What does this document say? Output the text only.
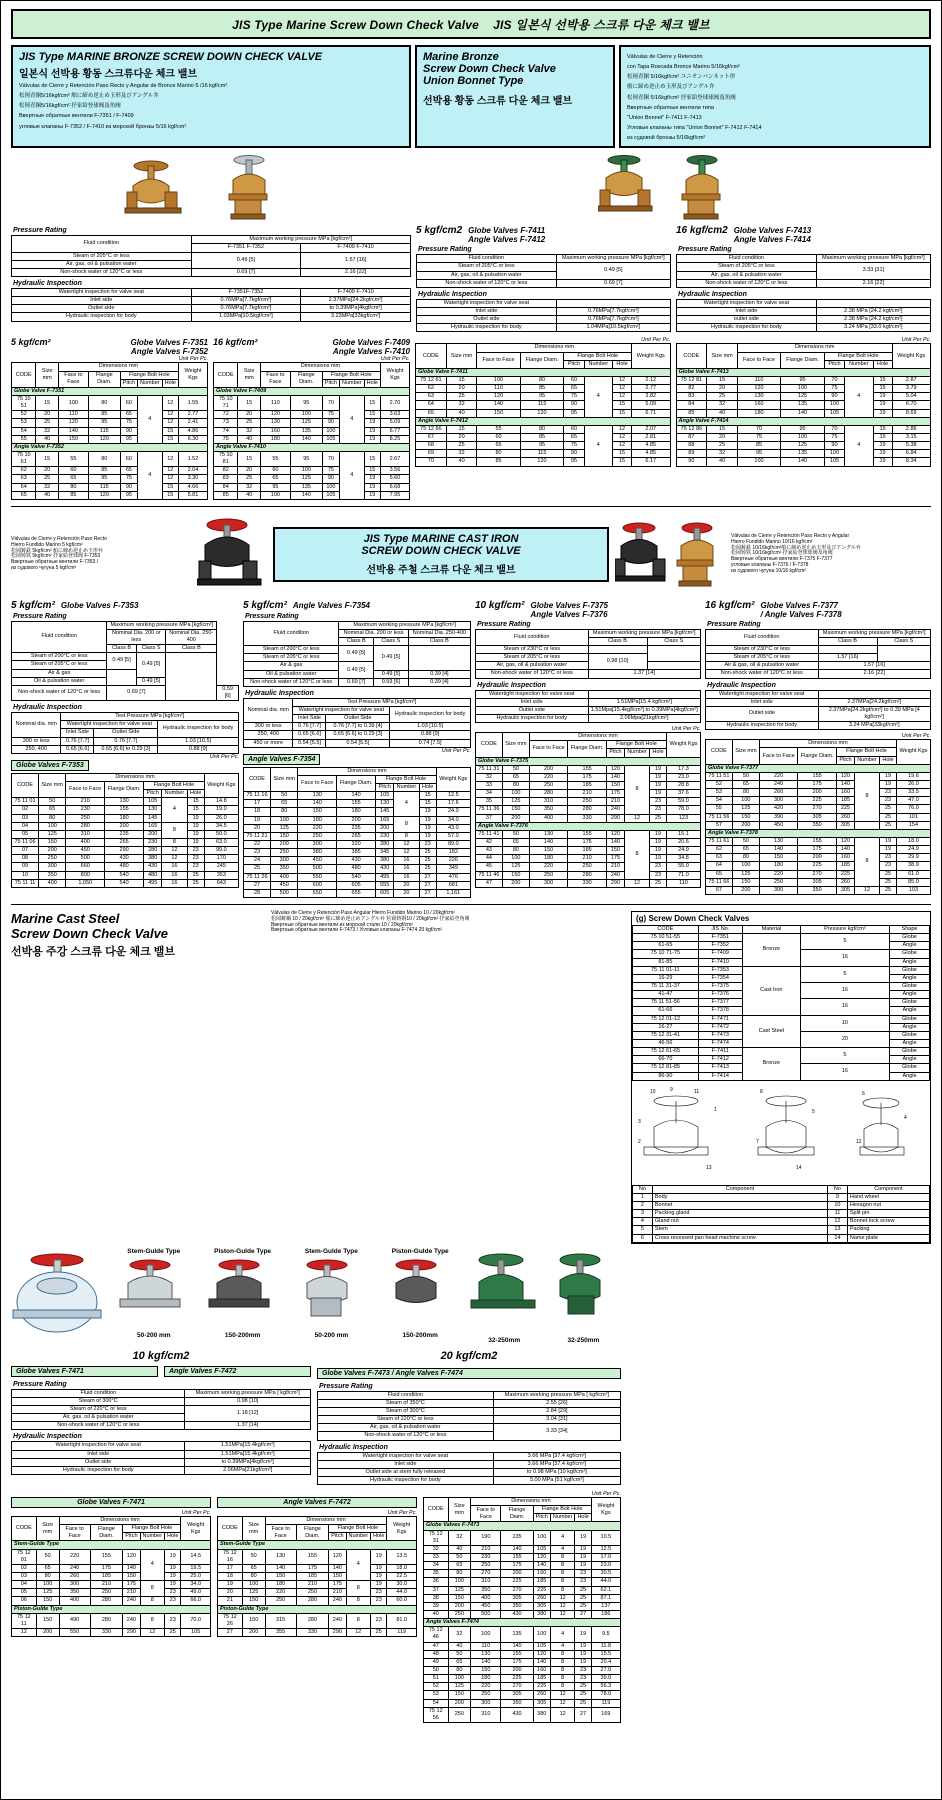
JIS Type Marine Screw Down Check Valve JIS 일본식 선박용 스크류 다운 체크 밸브
JIS Type MARINE BRONZE SCREW DOWN CHECK VALVE
일본식 선박용 황동 스크류다운 체크 밸브
Válvulas de Cierre y Retención Paso Recto y Angular de Bronce Marino 5 /16 kgf/cm²
松岡青銅5/16kgf/cm² 舶に締め逆止め玉形及びアングル弁
松岡青銅5/16kgf/cm² 抒家給登球阀及角阀
Ввертные обратные вентили F-7351 / F-7409
угловые клапаны F-7352 / F-7410 из морской бронзы 5/16 kgf/cm²
Marine Bronze
Screw Down Check Valve
Union Bonnet Type
선박용 황동 스크류 다운 체크 밸브
Válvulas de Cierre y Retención
con Tapa Roscada Bronce Marino 5/16kgf/cm²
松岡青銅 5/16kgf/cm² ユニオンバンネット形
舶に締め逆止め玉形及びアングル弁
松岡青銅 5/16kgf/cm² 抒家給登球球阀及角阀
Ввертные обратные вентили типа
"Union Bonnet" F-7411 F-7413
Угловые клапаны типа "Union Bonnet" F-7412 F-7414
из судовой бронзы 5/16kgf/cm²
Pressure Rating
Fluid condition	Maximum working pressure MPa [kgf/cm²]	
	F-7351 F-7352	F-7409 F-7410
Steam of 205°C or less	0.49 [5]	1.57 [16]
Air, gas, oil & pulsation water		
Non-shock water of 120°C or less	0.69 [7]	2.16 [22]
Hydraulic Inspection
Watertight inspection for valve seat	F-7351F-7352	F-7409 F-7410
Inlet side	0.76MPa[7.7kgf/cm²]	2.37MPa[24.2kgf/cm²]
Outlet side	0.76MPa[7.7kgf/cm²]	to 0.39MPa[4kgf/cm²]
Hydraulic inspection for body	1.03MPa[10.5kgf/cm²]	3.23MPa[33kgf/cm²]
5 kgf/cm2 Globe Valves F-7411
Angle Valves F-7412
Pressure Rating
Fluid condition	Maximum working pressure MPa [kgf/cm²]
Steam of 205°C or less	0.49 [5]
Air, gas, oil & pulsation water	
Non-shock water of 120°C or less	0.69 [7]
Hydraulic Inspection
Watertight inspection for valve seat	
Inlet side	0.76MPa[7.7kgf/cm²]
Outlet side	0.76MPa[7.7kgf/cm²]
Hydraulic inspection for body	1.04MPa[10.5kgf/cm²]
16 kgf/cm2 Globe Valves F-7413
Angle Valves F-7414
Pressure Rating
Fluid condition	Maximum working pressure MPa [kgf/cm²]
Steam of 205°C or less	3.33 [31]
Air, gas, oil & pulsation water	
Non-shock water of 120°C or less	2.16 [22]
Hydraulic Inspection
Watertight inspection for valve seat	
Inlet side	2.38 MPa [24.2 kgf/cm²]
outlet side	2.38 MPa [24.2 kgf/cm²]
Hydraulic inspection for body	3.24 MPa [33.0 kgf/cm²]
5 kgf/cm²	Globe Valves F-7351
Angle Valves F-7352
Unit Per Pc.
CODE	Size mm	Dimensions mm					Weight Kgs
		Face to Face	Flange Diam.	Flange Bolt Hole			
				Pitch	Number	Hole	
Globe Valve F-7351							
75 10 51	15	100	80	60	4	12	1.55
52	20	110	85	65		12	2.77
53	25	120	95	75		12	2.41
54	32	140	115	90		15	4.86
55	40	150	120	95		15	6.30
Angle Valve F-7352							
75 10 61	15	55	80	60	4	12	1.52
62	20	60	85	65		12	2.04
63	25	65	95	75		12	3.30
64	32	80	115	90		15	4.66
65	40	85	120	95		15	5.81
16 kgf/cm²	Globe Valves F-7409
Angle Valves F-7410
Unit Per Pc.
CODE	Size mm	Dimensions mm					Weight Kgs
		Face to Face	Flange Diam.	Flange Bolt Hole			
				Pitch	Number	Hole	
Globe Valve F-7409							
75 10 71	15	110	95	70	4	15	2.70
72	20	120	100	75		15	3.63
73	25	130	125	90		19	5.09
74	32	160	135	100		19	6.77
75	40	180	140	105		19	8.25
Angle Valve F-7410							
75 10 81	15	55	95	70	4	15	2.67
82	20	60	100	75		15	3.56
83	25	65	125	90		19	5.60
84	32	95	135	100		19	6.68
85	40	100	140	105		19	7.95
Unit Per Pc.
CODE	Size mm	Dimensions mm					Weight Kgs
		Face to Face	Flange Diam.	Flange Bolt Hole			
				Pitch	Number	Hole	
Globe Valve F-7411							
75 12 61	15	100	80	60	4	12	2.12
62	20	110	85	65		12	2.77
63	25	120	95	75		12	3.82
64	32	140	115	90		15	5.09
65	40	150	120	95		15	6.71
Angle Valve F-7412							
75 12 66	15	55	80	60	4	12	2.07
67	20	60	85	65		12	2.81
68	25	65	95	75		12	4.85
69	32	80	115	90		15	4.85
70	40	85	120	95		15	6.17
Unit Per Pc.
CODE	Size mm	Dimensions mm					Weight Kgs
		Face to Face	Flange Diam.	Flange Bolt Hole			
				Pitch	Number	Hole	
Globe Valve F-7413							
75 12 81	15	110	95	70	4	15	2.87
82	20	120	100	75		15	3.79
83	25	130	125	90		19	5.04
84	32	160	135	100		19	6.70
85	40	180	140	105		19	8.69
Angle Valve F-7414							
75 12 86	15	70	95	70	4	15	2.86
87	20	75	100	75		15	3.15
88	25	85	125	90		19	5.38
89	32	95	135	100		19	6.84
90	40	100	140	105		19	8.34
Válvulas de Cierre y Retención Paso Recto
Hierro Fundido Marino 5 kgf/cm²
松岡鋳鉄 5kgf/cm² 舶に締め逆止め玉形弁
松岡铸铁 5kgf/cm² 抒家給登球阀 F-7353
Ввертные обратные вентили F-7353 /
из судового чугуна 5 kgf/cm²
JIS Type MARINE CAST IRON
SCREW DOWN CHECK VALVE
선박용 주철 스크류 다운 체크 밸브
Válvulas de Cierre y Retención Paso Recto y Angular
Hierro Fundido Marino 10/16 kgf/cm²
松岡鋳鉄 10/16kgf/cm²舶に締め逆止め玉形及びアングル弁
松岡铸铁 10/16kgf/cm² 抒家給登球球阀及角阀
Ввертные обратные вентили F-7375 F-7377
угловые клапаны F-7376 / F-7378
из судового чугуна 10/16 kgf/cm²
5 kgf/cm² Globe Valves F-7353
Pressure Rating
Fluid condition	Maximum working pressure MPa [kgf/cm²]			
	Nominal Dia. 200 or less		Nominal Dia. 250-400	
	Class B	Class S	Class B	
Steam of 200°C or less	0.49 [5]	0.49 [5]		
Steam of 205°C or less				
Air & gas				
Oil & pulsation water		0.49 [5]		
Non-shock water of 120°C or less	0.69 [7]			0.59 [6]
Hydraulic Inspection
Nominal dia. mm	Test Pressure MPa [kgf/cm²]		
	Watertight inspection for valve seat		Hydraulic inspection for body
	Inlet Side	Outlet Side	
300 or less	0.76 [7.7]	0.76 [7.7]	1.03 [10.5]
350, 400	0.65 [6.6]	0.65 [6.6] to 0.29 [3]	0.88 [9]
Globe Valves F-7353
Unit Per Pc.
CODE	Size mm	Dimensions mm					Weight Kgs
		Face to Face	Flange Diam.	Flange Bolt Hole			
				Pitch	Number	Hole	
75 11 01	50	210	130	105	4	15	14.8
02	65	230	155	130		15	19.0
03	80	250	180	145		19	26.0
04	100	280	200	165	8	19	34.5
05	125	310	235	200		19	50.0
75 11 06	150	400	265	230	8	19	63.0
07	200	450	290	280	12	23	99.0
08	250	500	430	380	12	23	170
09	300	660	480	430	16	23	245
10	350	800	540	480	16	25	353
75 11 11	400	1,050	540	495	16	25	643
5 kgf/cm² Angle Valves F-7354
Pressure Rating
Fluid condition	Maximum working pressure MPa [kgf/cm²]		
	Nominal Dia. 200 or less		Nominal Dia. 250-400
	Class B	Class S	Class B
Steam of 200°C or less	0.49 [5]	0.49 [5]	
Steam of 205°C or less			
Air & gas	0.49 [5]		
Oil & pulsation water		0.49 [5]	0.39 [4]
Non-shock water of 120°C or less	0.69 [7]	0.59 [6]	0.39 [4]
Hydraulic Inspection
Nominal dia. mm	Test Pressure MPa [kgf/cm²]		
	Watertight inspection for valve seat		Hydraulic inspection for body
	Inlet Side	Outlet Side	
300 or less	0.76 [7.7]	0.76 [7.7] to 0.39 [4]	1.03 [10.5]
350, 400	0.65 [6.6]	0.65 [6.6] to 0.29 [3]	0.88 [9]
450 or more	0.54 [5.5]	0.54 [5.5]	0.74 [7.5]
Angle Valves F-7354
Unit Per Pc.
CODE	Size mm	Dimensions mm					Weight Kgs
		Face to Face	Flange Diam.	Flange Bolt Hole			
				Pitch	Number	Hole	
75 11 16	50	130	140	105	4	15	12.5
17	65	140	155	130		15	17.6
18	80	150	180	145		19	24.0
19	100	180	200	165	8	19	34.0
20	125	220	235	200		19	43.0
75 11 21	150	250	265	230	8	19	57.0
22	200	300	320	280	12	23	89.0
23	250	380	385	345	12	25	182
24	300	450	430	380	16	25	226
25	350	500	480	430	16	25	349
75 11 26	400	550	540	495	16	27	476
27	450	600	605	555	20	27	681
28	500	650	655	605	20	27	1,161
10 kgf/cm² Globe Valves F-7375
Angle Valves F-7376
Pressure Rating
Fluid condition	Maximum working pressure MPa [kgf/cm²]	
	Class B	Class S
Steam of 230°C or less		
Steam of 205°C or less	0.98 [10]	
Air, gas, oil & pulsation water		
Non-shock water of 120°C or less	1.37 [14]	
Hydraulic Inspection
Watertight inspection for valve seat	
Inlet side	1.51MPa[15.4 kgf/cm²]
Outlet side	1.51Mpa[15.4kgf/cm²] to 0.39MPa[4kgf/cm²]
Hydraulic inspection for body	2.06Mpa[21kgf/cm²]
Unit Per Pc.
CODE	Size mm	Dimensions mm					Weight Kgs
		Face to Face	Flange Diam.	Flange Bolt Hole			
				Pitch	Number	Hole	
Globe Valve F-7375							
75 11 31	50	200	155	120	8	19	17.3
32	65	220	175	140		19	23.0
33	80	250	185	150		19	28.8
34	100	280	210	175		19	37.6
35	125	310	250	210		23	59.0
75 11 36	150	350	280	240		23	78.0
37	200	400	330	290	12	25	123
Angle Valve F-7376							
75 11 41	50	130	155	120	8	19	15.1
42	65	140	175	140		19	20.6
43	80	150	185	150		19	24.9
44	100	180	210	175		19	34.8
45	125	220	250	210		23	55.0
75 11 46	150	250	280	240		23	71.0
47	200	300	330	290	12	25	110
16 kgf/cm² Globe Valves F-7377
/ Angle Valves F-7378
Pressure Rating
Fluid condition	Maximum working pressure MPa [kgf/cm²]	
	Class B	Class S
Steam of 230°C or less		
Steam of 205°C or less	1.57 [16]	
Air & gas, oil & pulsation water	1.57 [16]	
Non-shock water of 120°C or less	2.16 [22]	
Hydraulic Inspection
Watertight inspection for valve seat	
Inlet side	2.37MPa[24.2kgf/cm²]
Outlet side	2.37MPa[24.2kgf/cm²] to 0.39 MPa [4 kgf/cm²]
Hydraulic inspection for body	3.24 MPa[33kgf/cm²]
Unit Per Pc.
CODE	Size mm	Dimensions mm					Weight Kgs
		Face to Face	Flange Diam.	Flange Bolt Hole			
				Pitch	Number	Hole	
Globe Valve F-7377							
75 11 51	50	220	155	120	8	19	19.6
52	65	240	175	140		19	26.0
53	80	260	200	160		23	33.5
54	100	300	225	185		23	47.0
55	125	420	270	225		25	76.0
75 11 56	150	390	305	260		25	101
57	200	450	350	305		25	154
Angle Valve F-7378							
75 11 61	50	130	155	120	8	19	18.0
62	65	140	175	140		19	24.9
63	80	150	200	160		23	29.9
64	100	180	225	185		23	38.9
65	125	220	270	225		25	61.0
75 11 66	150	250	305	260		25	85.0
67	200	300	350	305	12	25	103
Marine Cast Steel
Screw Down Check Valve
선박용 주강 스크류 다운 체크 밸브
Válvulas de Cierre y Retención Paso Angular Hierro Fundido Marino 10 / 20kgf/cm²
松岡鋳鋼 10 / 20kgf/cm² 舶に締め逆止めアングル弁 松岡铸钢10 / 20kgf/cm² 抒家給登角阀
Ввертные обратные вентили из морской стали 10 / 20kgf/cm²
Ввертные обратные вентили F-7473 / Угловые клапаны F-7474 20 kgf/cm²
(g) Screw Down Check Valves
CODE	JIS No.	Material	Pressure kgf/cm²	Shape
75 10 51-55	F-7351	Bronze	5	Globe
61-65	F-7352			Angle
75 10 71-75	F-7409		16	Globe
81-85	F-7410			Angle
75 11 01-11	F-7353	Cast Iron	5	Globe
16-29	F-7354			Angle
75 11 31-37	F-7375		16	Globe
41-47	F-7376			Angle
75 11 51-56	F-7377		16	Globe
61-66	F-7378			Angle
75 12 01-12	F-7471	Cast Steel	10	Globe
16-27	F-7472			Angle
75 12 31-41	F-7473		20	Globe
46-56	F-7474			Angle
75 12 61-65	F-7411	Bronze	5	Globe
66-70	F-7412			Angle
75 12 81-85	F-7413		16	Globe
86-90	F-7414			Angle
10	9	11
1
3
2
8
5
7
6
4
12
13	14
No	Component	No	Component
1	Body	9	Hand wheel
2	Bonnet	10	Hexagon nut
3	Packing gland	11	Split pin
4	Gland nut	12	Bonnet lock screw
5	Stem	13	Packing
6	Cross recessed pan head machine screw	14	Name plate
Stem-Gulde Type
50-200 mm
Piston-Gulde Type
150-200mm
Stem-Gulde Type
50-200 mm
Piston-Gulde Type
150-200mm
32-250mm	32-250mm
10 kgf/cm2
Globe Valves F-7471	Angle Valves F-7472
Pressure Rating
Fluid condition	Maximum working pressure MPa [ kgf/cm²]
Steam of 300°C	0.98 [10]
Steam of 220°C or less	1.18 [12]
Air, gas, oil & pulsation water	
Non-shock water of 120°C or less	1.37 [14]
Hydraulic Inspection
Watertight inspection for valve seat	1.51MPa[15.4kgf/cm²]
Inlet side	1.51MPa[15.4kgf/cm²]
Outlet side	to 0.39MPa[4kgf/cm²]
Hydraulic inspection for body	2.06MPa[21kgf/cm²]
20 kgf/cm2
Globe Valves F-7473 / Angle Valves F-7474
Pressure Rating
Fluid condition	Maximum working pressure MPa [ kgf/cm²]
Steam of 350°C	2.55 [26]
Steam of 300°C	2.84 [29]
Steam of 220°C or less	3.04 [31]
Air, gas, oil & pulsation water	3.33 [34]
Non-shock water of 120°C or less	
Hydraulic Inspection
Watertight inspection for valve seat	3.66 MPa [37.4 kgf/cm²]
Inlet side	3.66 MPa [37.4 kgf/cm²]
Outlet side at stem fully released	to 0.98 MPa [10 kgf/cm²]
Hydraulic inspection for body	5.00 MPa [51 kgf/cm²]
Globe Valves F-7471
Unit Per Pc.
CODE	Size mm	Dimensions mm					Weight Kgs
		Face to Face	Flange Diam.	Flange Bolt Hole			
				Pitch	Number	Hole	
Stem-Gulde Type							
75 12 01	50	220	155	120	4	19	14.5
02	65	240	175	140		19	19.5
03	80	260	185	150		19	25.0
04	100	300	210	175	8	19	34.0
05	125	350	250	210		23	49.0
06	150	400	280	240	8	23	66.0
Piston-Gulde Type							
75 12 11	150	490	280	240	8	23	70.0
12	200	550	330	290	12	25	105
Angle Valves F-7472
Unit Per Pc.
CODE	Size mm	Dimensions mm					Weight Kgs
		Face to Face	Flange Diam.	Flange Bolt Hole			
				Pitch	Number	Hole	
Stem-Gulde Type							
75 12 16	50	130	155	120	4	19	13.5
17	65	140	175	140		19	18.0
18	80	150	185	150		19	22.5
19	100	180	210	175	8	19	30.0
20	125	220	250	210		23	44.0
21	150	250	280	240	8	23	60.0
Piston-Gulde Type							
75 12 26	150	315	280	240	8	23	81.0
27	200	355	330	290	12	25	119
Unit Per Pc.
CODE	Size mm	Dimensions mm					Weight Kgs
		Face to Face	Flange Diam.	Flange Bolt Hole			
				Pitch	Number	Hole	
Globe Valves F-7473							
75 12 31	32	190	135	100	4	19	10.5
32	40	210	140	105	4	19	12.5
33	50	230	155	120	8	19	17.0
34	65	250	175	140	8	19	23.0
35	80	270	200	160	8	23	30.5
36	100	310	225	185	8	23	44.0
37	125	350	270	225	8	25	62.1
38	150	400	305	260	12	25	87.1
39	200	450	350	305	12	25	137
40	250	500	430	380	12	27	186
Angle Valves F-7474							
75 12 46	32	100	135	100	4	19	9.5
47	40	110	140	105	4	19	11.8
48	50	130	155	120	8	19	15.5
49	65	140	175	140	8	19	20.4
50	80	150	200	160	8	23	27.0
51	100	180	225	185	8	23	39.0
52	125	220	270	225	8	25	56.3
53	150	250	305	260	12	25	78.0
54	200	300	350	305	12	25	119
75 12 56	250	310	430	380	12	27	169
